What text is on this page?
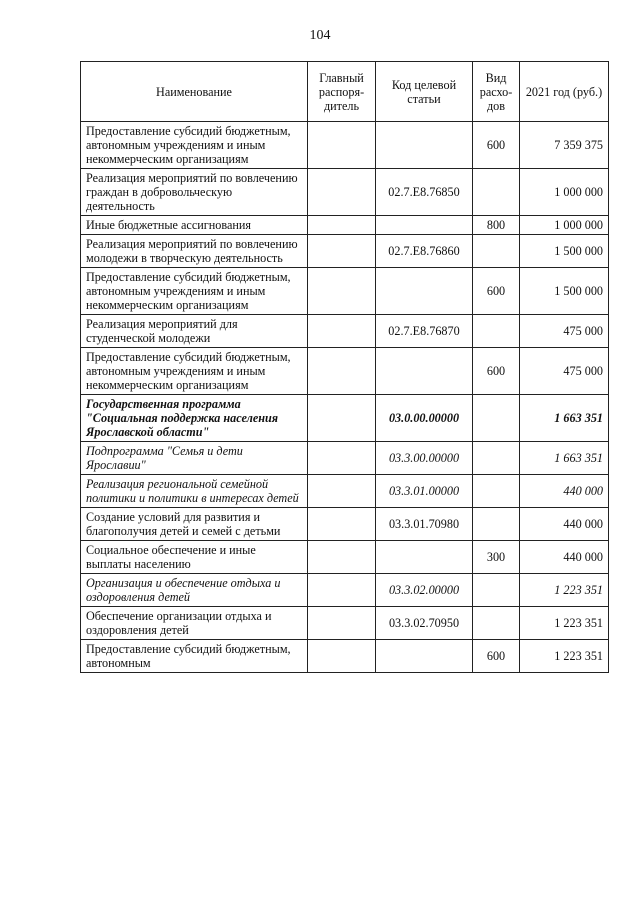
104
Наименование	Главный распоря-дитель	Код целевой статьи	Вид расхо-дов	2021 год (руб.)
Предоставление субсидий бюджетным, автономным учреждениям и иным некоммерческим организациям			600	7 359 375
Реализация мероприятий по вовлечению граждан в добровольческую деятельность		02.7.E8.76850		1 000 000
Иные бюджетные ассигнования			800	1 000 000
Реализация мероприятий по вовлечению молодежи в творческую деятельность		02.7.E8.76860		1 500 000
Предоставление субсидий бюджетным, автономным учреждениям и иным некоммерческим организациям			600	1 500 000
Реализация мероприятий для студенческой молодежи		02.7.E8.76870		475 000
Предоставление субсидий бюджетным, автономным учреждениям и иным некоммерческим организациям			600	475 000
Государственная программа "Социальная поддержка населения Ярославской области"		03.0.00.00000		1 663 351
Подпрограмма "Семья и дети Ярославии"		03.3.00.00000		1 663 351
Реализация региональной семейной политики и политики в интересах детей		03.3.01.00000		440 000
Создание условий для развития и благополучия детей и семей с детьми		03.3.01.70980		440 000
Социальное обеспечение и иные выплаты населению			300	440 000
Организация и обеспечение отдыха и оздоровления детей		03.3.02.00000		1 223 351
Обеспечение организации отдыха и оздоровления детей		03.3.02.70950		1 223 351
Предоставление субсидий бюджетным, автономным			600	1 223 351
